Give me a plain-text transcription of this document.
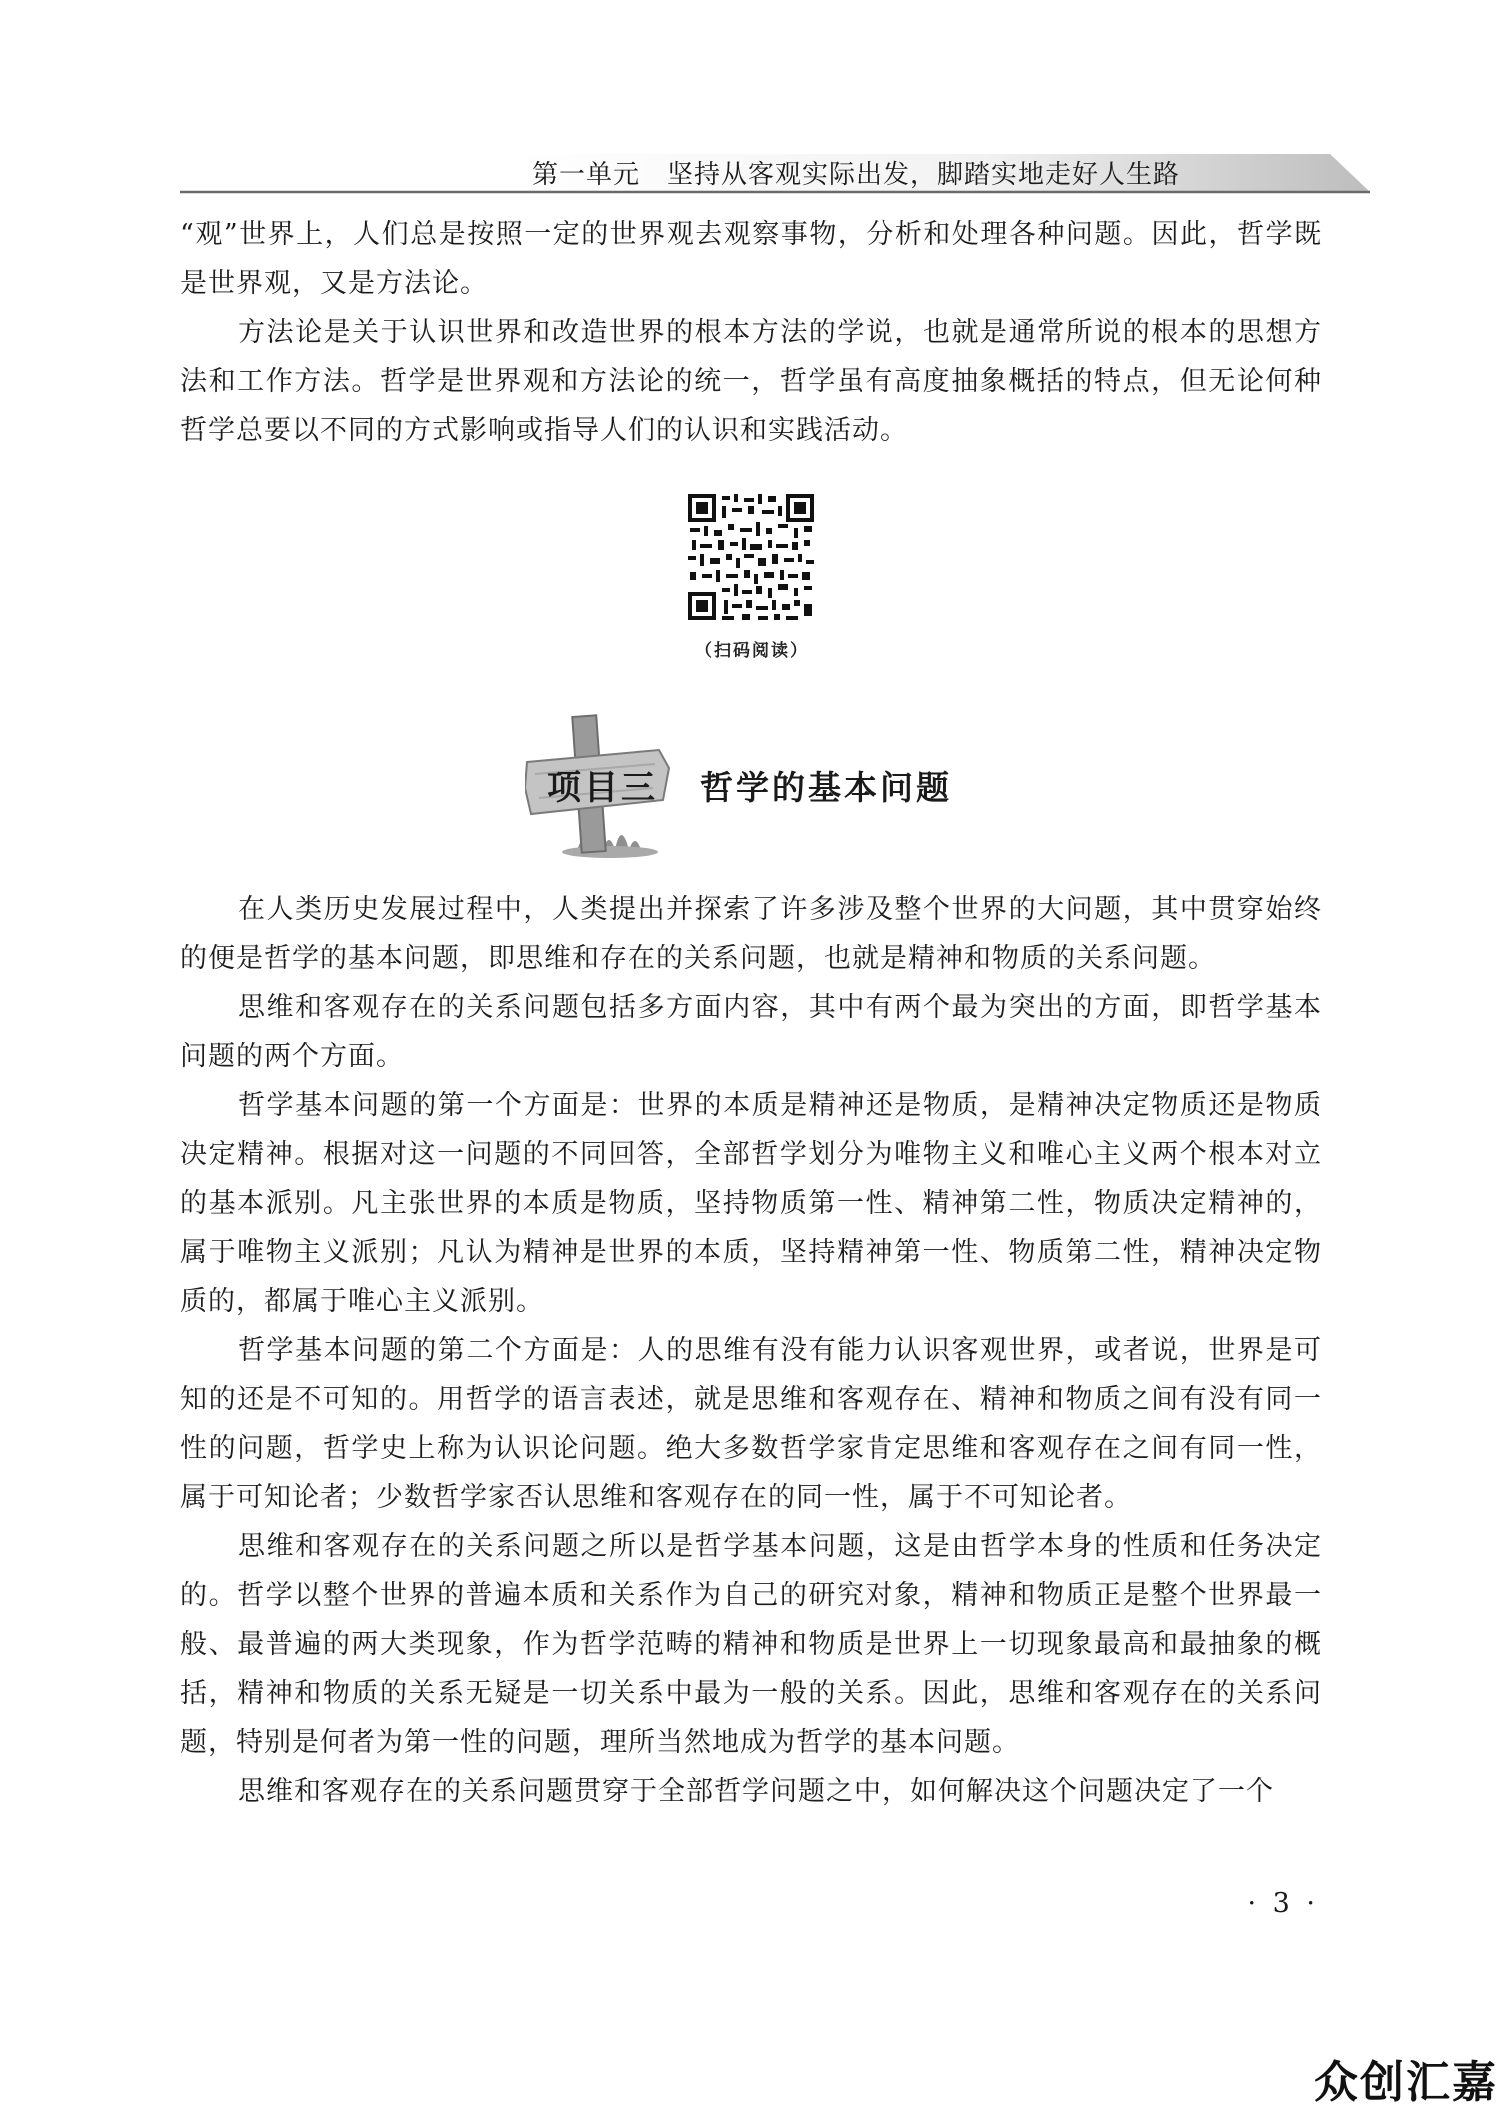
第一单元　坚持从客观实际出发，脚踏实地走好人生路

“观”世界上，人们总是按照一定的世界观去观察事物，分析和处理各种问题。因此，哲学既是世界观，又是方法论。

方法论是关于认识世界和改造世界的根本方法的学说，也就是通常所说的根本的思想方法和工作方法。哲学是世界观和方法论的统一，哲学虽有高度抽象概括的特点，但无论何种哲学总要以不同的方式影响或指导人们的认识和实践活动。

（扫码阅读）
项目三 哲学的基本问题

在人类历史发展过程中，人类提出并探索了许多涉及整个世界的大问题，其中贯穿始终的便是哲学的基本问题，即思维和存在的关系问题，也就是精神和物质的关系问题。

思维和客观存在的关系问题包括多方面内容，其中有两个最为突出的方面，即哲学基本问题的两个方面。

哲学基本问题的第一个方面是：世界的本质是精神还是物质，是精神决定物质还是物质决定精神。根据对这一问题的不同回答，全部哲学划分为唯物主义和唯心主义两个根本对立的基本派别。凡主张世界的本质是物质，坚持物质第一性、精神第二性，物质决定精神的，属于唯物主义派别；凡认为精神是世界的本质，坚持精神第一性、物质第二性，精神决定物质的，都属于唯心主义派别。

哲学基本问题的第二个方面是：人的思维有没有能力认识客观世界，或者说，世界是可知的还是不可知的。用哲学的语言表述，就是思维和客观存在、精神和物质之间有没有同一性的问题，哲学史上称为认识论问题。绝大多数哲学家肯定思维和客观存在之间有同一性，属于可知论者；少数哲学家否认思维和客观存在的同一性，属于不可知论者。

思维和客观存在的关系问题之所以是哲学基本问题，这是由哲学本身的性质和任务决定的。哲学以整个世界的普遍本质和关系作为自己的研究对象，精神和物质正是整个世界最一般、最普遍的两大类现象，作为哲学范畴的精神和物质是世界上一切现象最高和最抽象的概括，精神和物质的关系无疑是一切关系中最为一般的关系。因此，思维和客观存在的关系问题，特别是何者为第一性的问题，理所当然地成为哲学的基本问题。

思维和客观存在的关系问题贯穿于全部哲学问题之中，如何解决这个问题决定了一个

· 3 ·
众创汇嘉
